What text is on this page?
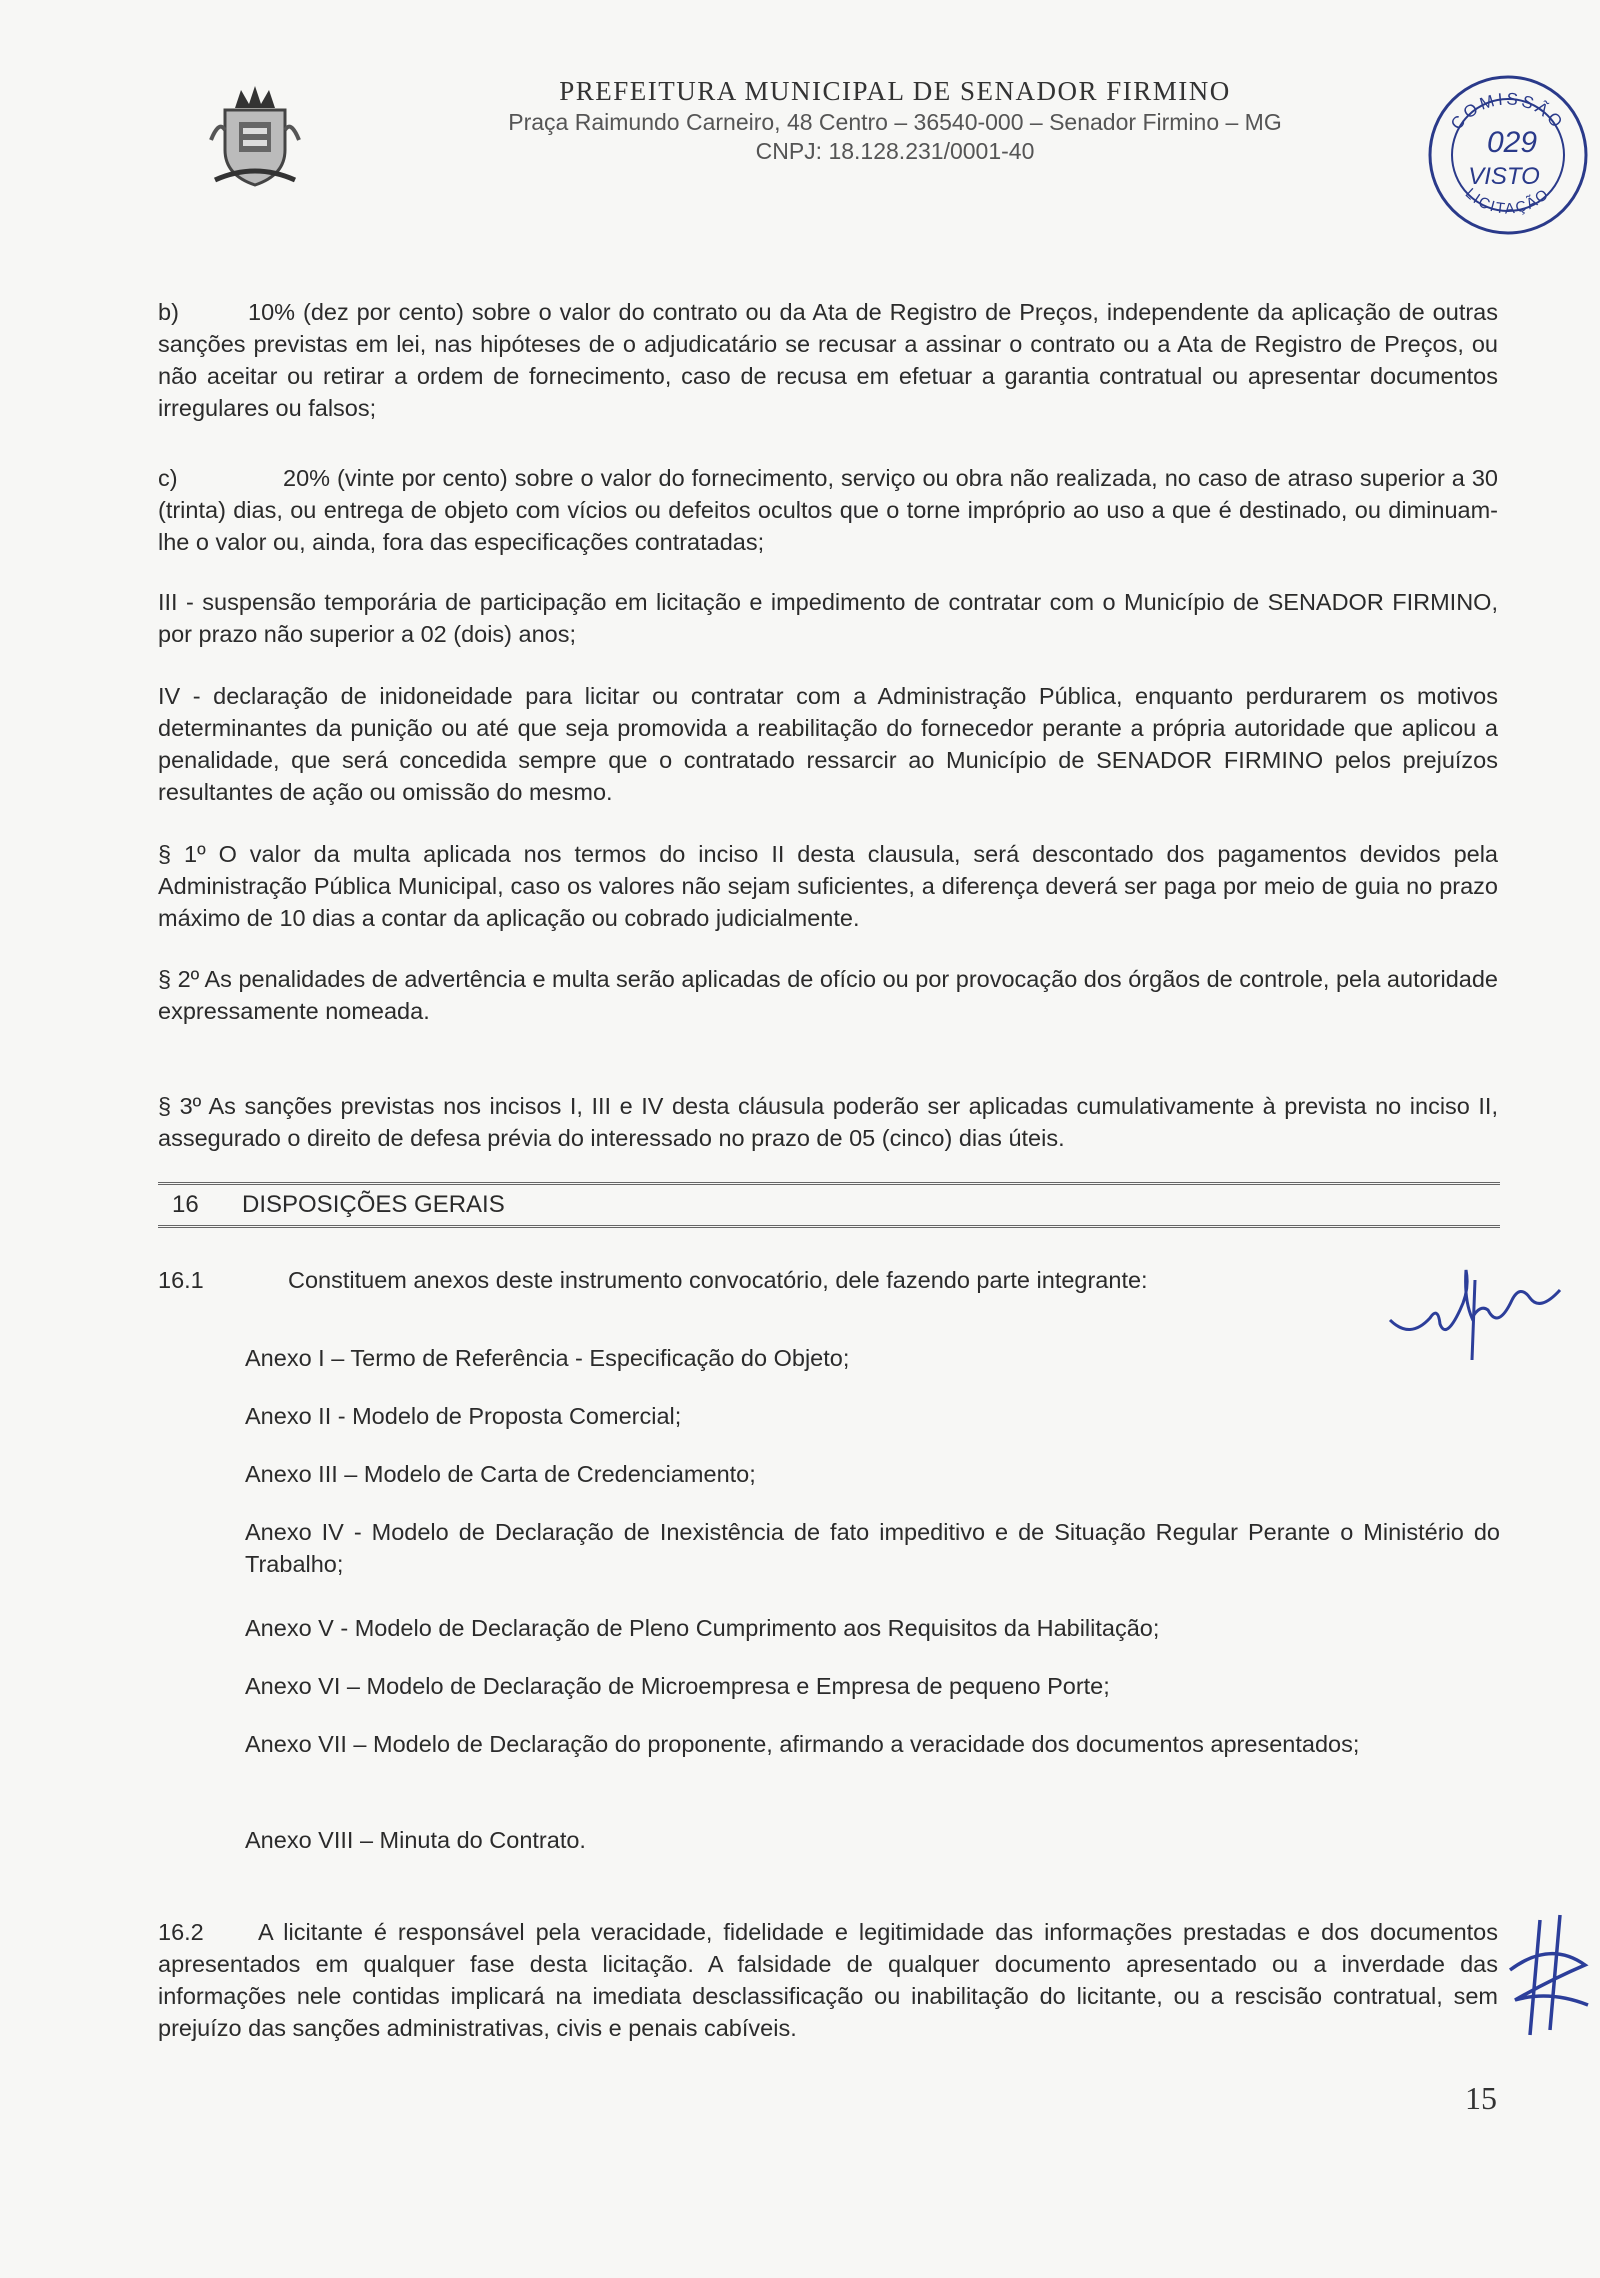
PREFEITURA MUNICIPAL DE SENADOR FIRMINO
Praça Raimundo Carneiro, 48 Centro – 36540-000 – Senador Firmino – MG
CNPJ: 18.128.231/0001-40
COMISSÃO
LICITAÇÃO
029
VISTO
b)	10% (dez por cento) sobre o valor do contrato ou da Ata de Registro de Preços, independente da aplicação de outras sanções previstas em lei, nas hipóteses de o adjudicatário se recusar a assinar o contrato ou a Ata de Registro de Preços, ou não aceitar ou retirar a ordem de fornecimento, caso de recusa em efetuar a garantia contratual ou apresentar documentos irregulares ou falsos;
c)	20% (vinte por cento) sobre o valor do fornecimento, serviço ou obra não realizada, no caso de atraso superior a 30 (trinta) dias, ou entrega de objeto com vícios ou defeitos ocultos que o torne impróprio ao uso a que é destinado, ou diminuam-lhe o valor ou, ainda, fora das especificações contratadas;
III - suspensão temporária de participação em licitação e impedimento de contratar com o Município de SENADOR FIRMINO, por prazo não superior a 02 (dois) anos;
IV - declaração de inidoneidade para licitar ou contratar com a Administração Pública, enquanto perdurarem os motivos determinantes da punição ou até que seja promovida a reabilitação do fornecedor perante a própria autoridade que aplicou a penalidade, que será concedida sempre que o contratado ressarcir ao Município de SENADOR FIRMINO pelos prejuízos resultantes de ação ou omissão do mesmo.
§ 1º O valor da multa aplicada nos termos do inciso II desta clausula, será descontado dos pagamentos devidos pela Administração Pública Municipal, caso os valores não sejam suficientes, a diferença deverá ser paga por meio de guia no prazo máximo de 10 dias a contar da aplicação ou cobrado judicialmente.
§ 2º As penalidades de advertência e multa serão aplicadas de ofício ou por provocação dos órgãos de controle, pela autoridade expressamente nomeada.
§ 3º As sanções previstas nos incisos I, III e IV desta cláusula poderão ser aplicadas cumulativamente à prevista no inciso II, assegurado o direito de defesa prévia do interessado no prazo de 05 (cinco) dias úteis.
16 DISPOSIÇÕES GERAIS
16.1	Constituem anexos deste instrumento convocatório, dele fazendo parte integrante:
Anexo I – Termo de Referência - Especificação do Objeto;
Anexo II - Modelo de Proposta Comercial;
Anexo III – Modelo de Carta de Credenciamento;
Anexo IV - Modelo de Declaração de Inexistência de fato impeditivo e de Situação Regular Perante o Ministério do Trabalho;
Anexo V - Modelo de Declaração de Pleno Cumprimento aos Requisitos da Habilitação;
Anexo VI – Modelo de Declaração de Microempresa e Empresa de pequeno Porte;
Anexo VII – Modelo de Declaração do proponente, afirmando a veracidade dos documentos apresentados;
Anexo VIII – Minuta do Contrato.
16.2 A licitante é responsável pela veracidade, fidelidade e legitimidade das informações prestadas e dos documentos apresentados em qualquer fase desta licitação. A falsidade de qualquer documento apresentado ou a inverdade das informações nele contidas implicará na imediata desclassificação ou inabilitação do licitante, ou a rescisão contratual, sem prejuízo das sanções administrativas, civis e penais cabíveis.
15
